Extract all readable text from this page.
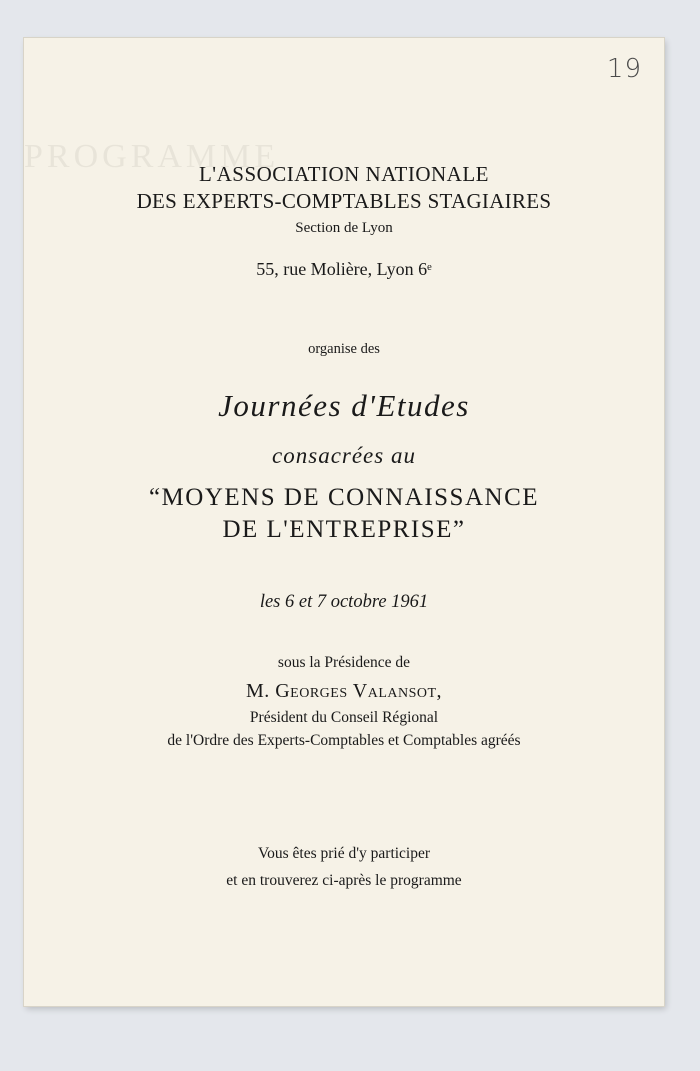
PROGRAMME
19
L'ASSOCIATION NATIONALE
DES EXPERTS-COMPTABLES STAGIAIRES
Section de Lyon
55, rue Molière, Lyon 6ᵉ
organise des
Journées d'Etudes
consacrées au
“MOYENS DE CONNAISSANCE
DE L'ENTREPRISE”
les 6 et 7 octobre 1961
sous la Présidence de
M. Georges Valansot,
Président du Conseil Régional
de l'Ordre des Experts-Comptables et Comptables agréés
Vous êtes prié d'y participer
et en trouverez ci-après le programme
